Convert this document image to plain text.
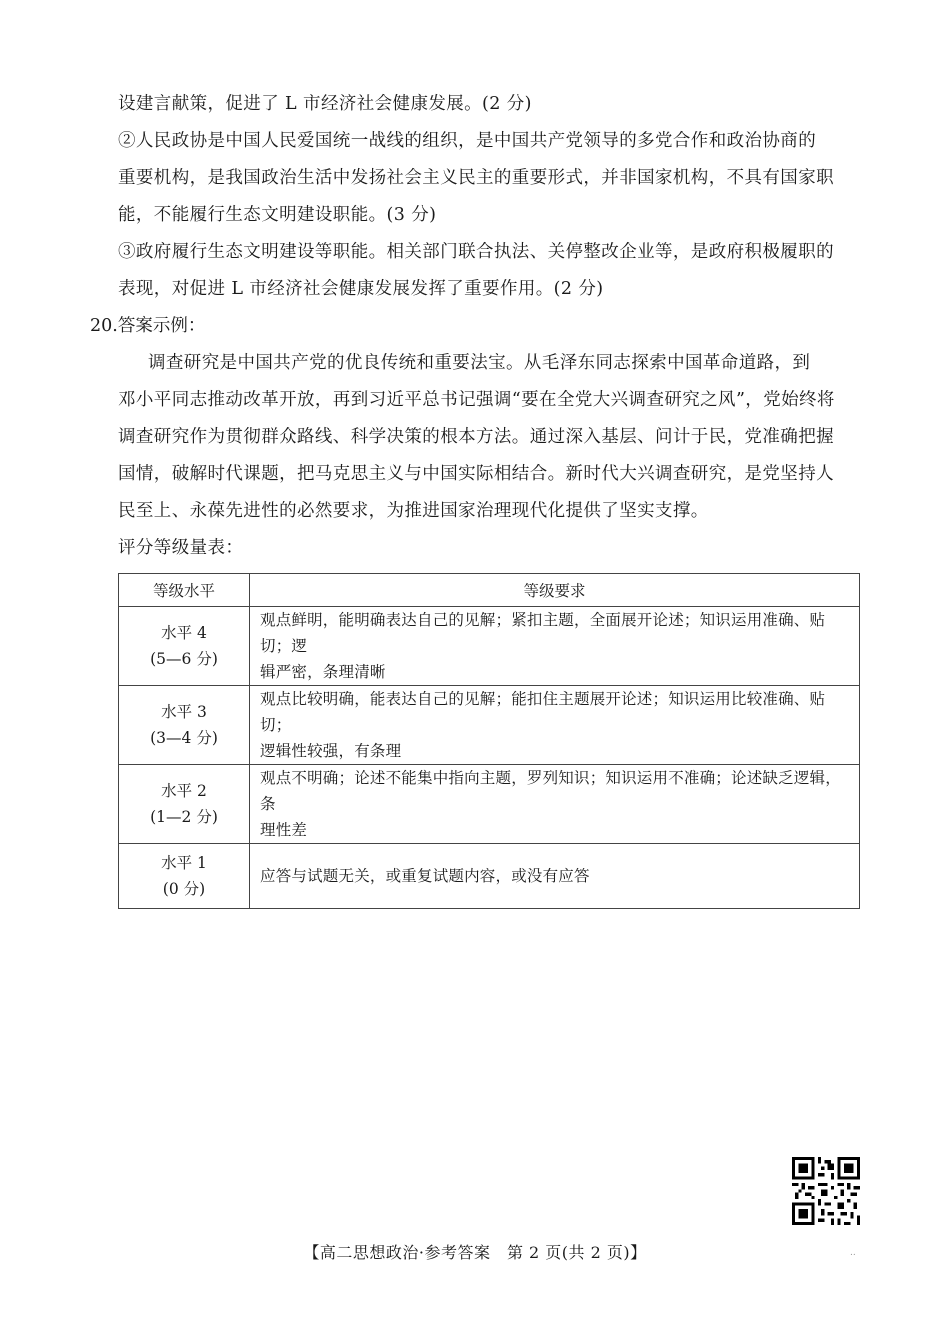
设建言献策，促进了 L 市经济社会健康发展。(2 分)
②人民政协是中国人民爱国统一战线的组织，是中国共产党领导的多党合作和政治协商的
重要机构，是我国政治生活中发扬社会主义民主的重要形式，并非国家机构，不具有国家职
能，不能履行生态文明建设职能。(3 分)
③政府履行生态文明建设等职能。相关部门联合执法、关停整改企业等，是政府积极履职的
表现，对促进 L 市经济社会健康发展发挥了重要作用。(2 分)
20.答案示例：
调查研究是中国共产党的优良传统和重要法宝。从毛泽东同志探索中国革命道路，到
邓小平同志推动改革开放，再到习近平总书记强调“要在全党大兴调查研究之风”，党始终将
调查研究作为贯彻群众路线、科学决策的根本方法。通过深入基层、问计于民，党准确把握
国情，破解时代课题，把马克思主义与中国实际相结合。新时代大兴调查研究，是党坚持人
民至上、永葆先进性的必然要求，为推进国家治理现代化提供了坚实支撑。
评分等级量表：
等级水平	等级要求

水平 4
(5—6 分)	观点鲜明，能明确表达自己的见解；紧扣主题，全面展开论述；知识运用准确、贴切；逻
辑严密，条理清晰

水平 3
(3—4 分)	观点比较明确，能表达自己的见解；能扣住主题展开论述；知识运用比较准确、贴切；
逻辑性较强，有条理

水平 2
(1—2 分)	观点不明确；论述不能集中指向主题，罗列知识；知识运用不准确；论述缺乏逻辑，条
理性差

水平 1
(0 分)	应答与试题无关，或重复试题内容，或没有应答
【高二思想政治·参考答案　第 2 页(共 2 页)】	..
